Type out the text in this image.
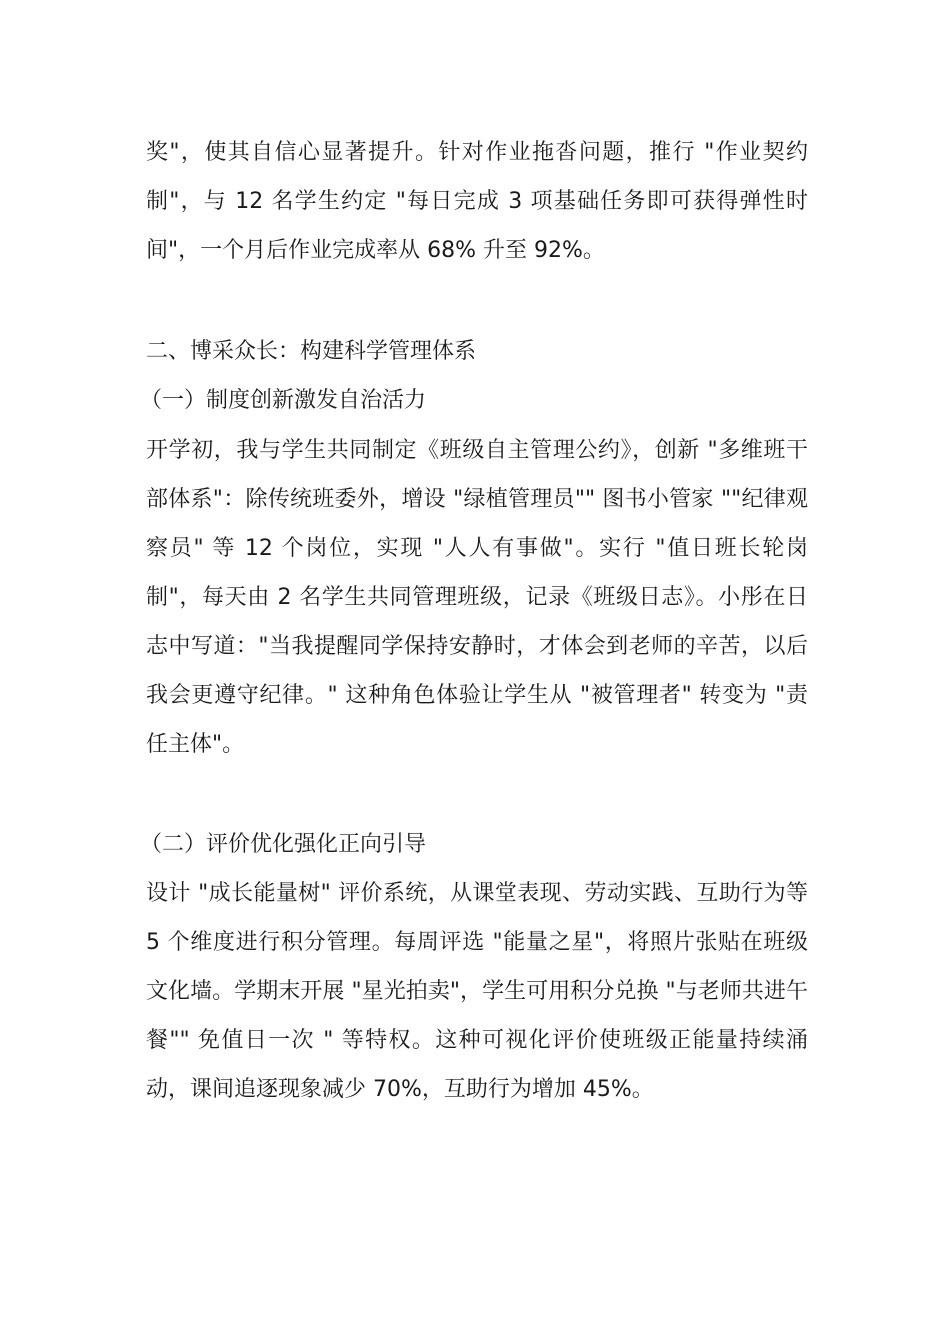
奖"，使其自信心显著提升。针对作业拖沓问题，推行 "作业契约制"，与 12 名学生约定 "每日完成 3 项基础任务即可获得弹性时间"，一个月后作业完成率从 68% 升至 92%。

二、博采众长：构建科学管理体系
（一）制度创新激发自治活力

开学初，我与学生共同制定《班级自主管理公约》，创新 "多维班干部体系"：除传统班委外，增设 "绿植管理员"" 图书小管家 ""纪律观察员" 等 12 个岗位，实现 "人人有事做"。实行 "值日班长轮岗制"，每天由 2 名学生共同管理班级，记录《班级日志》。小彤在日志中写道："当我提醒同学保持安静时，才体会到老师的辛苦，以后我会更遵守纪律。" 这种角色体验让学生从 "被管理者" 转变为 "责任主体"。

（二）评价优化强化正向引导

设计 "成长能量树" 评价系统，从课堂表现、劳动实践、互助行为等 5 个维度进行积分管理。每周评选 "能量之星"，将照片张贴在班级文化墙。学期末开展 "星光拍卖"，学生可用积分兑换 "与老师共进午餐"" 免值日一次 " 等特权。这种可视化评价使班级正能量持续涌动，课间追逐现象减少 70%，互助行为增加 45%。
